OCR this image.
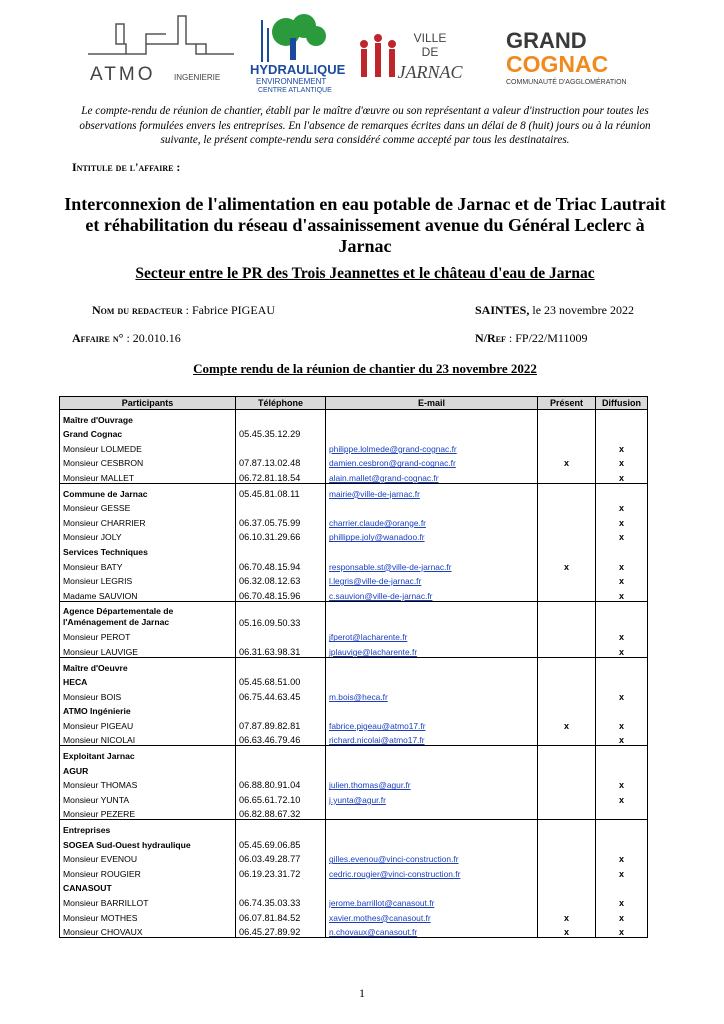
ATMO INGENIERIE
HYDRAULIQUE
ENVIRONNEMENT
CENTRE ATLANTIQUE
VILLE
DE
JARNAC
GRAND
COGNAC
COMMUNAUTÉ D'AGGLOMÉRATION
Le compte-rendu de réunion de chantier, établi par le maître d'œuvre ou son représentant a valeur d'instruction pour toutes les observations formulées envers les entreprises. En l'absence de remarques écrites dans un délai de 8 (huit) jours ou à la réunion suivante, le présent compte-rendu sera considéré comme accepté par tous les destinataires.
Intitule de l'affaire :
Interconnexion de l'alimentation en eau potable de Jarnac et de Triac Lautrait et réhabilitation du réseau d'assainissement avenue du Général Leclerc à Jarnac
Secteur entre le PR des Trois Jeannettes et le château d'eau de Jarnac
Nom du redacteur : Fabrice PIGEAU	SAINTES, le 23 novembre 2022
Affaire n° : 20.010.16	N/Ref : FP/22/M11009
Compte rendu de la réunion de chantier du 23 novembre 2022
Participants	Téléphone	E-mail	Présent	Diffusion
Maître d'Ouvrage				
Grand Cognac	05.45.35.12.29			
Monsieur LOLMEDE		philippe.lolmede@grand-cognac.fr		x
Monsieur CESBRON	07.87.13.02.48	damien.cesbron@grand-cognac.fr	x	x
Monsieur MALLET	06.72.81.18.54	alain.mallet@grand-cognac.fr		x
Commune de Jarnac	05.45.81.08.11	mairie@ville-de-jarnac.fr		
Monsieur GESSE				x
Monsieur CHARRIER	06.37.05.75.99	charrier.claude@orange.fr		x
Monsieur JOLY	06.10.31.29.66	phillippe.joly@wanadoo.fr		x
Services Techniques				
Monsieur BATY	06.70.48.15.94	responsable.st@ville-de-jarnac.fr	x	x
Monsieur LEGRIS	06.32.08.12.63	l.legris@ville-de-jarnac.fr		x
Madame SAUVION	06.70.48.15.96	c.sauvion@ville-de-jarnac.fr		x
Agence Départementale de l'Aménagement de Jarnac	05.16.09.50.33			
Monsieur PEROT		jfperot@lacharente.fr		x
Monsieur LAUVIGE	06.31.63.98.31	jplauvige@lacharente.fr		x
Maître d'Oeuvre				
HECA	05.45.68.51.00			
Monsieur BOIS	06.75.44.63.45	m.bois@heca.fr		x
ATMO Ingénierie				
Monsieur PIGEAU	07.87.89.82.81	fabrice.pigeau@atmo17.fr	x	x
Monsieur NICOLAI	06.63.46.79.46	richard.nicolai@atmo17.fr		x
Exploitant Jarnac				
AGUR				
Monsieur THOMAS	06.88.80.91.04	julien.thomas@agur.fr		x
Monsieur YUNTA	06.65.61.72.10	j.yunta@agur.fr		x
Monsieur PEZERE	06.82.88.67.32			
Entreprises				
SOGEA Sud-Ouest hydraulique	05.45.69.06.85			
Monsieur EVENOU	06.03.49.28.77	gilles.evenou@vinci-construction.fr		x
Monsieur ROUGIER	06.19.23.31.72	cedric.rougier@vinci-construction.fr		x
CANASOUT				
Monsieur BARRILLOT	06.74.35.03.33	jerome.barrillot@canasout.fr		x
Monsieur MOTHES	06.07.81.84.52	xavier.mothes@canasout.fr	x	x
Monsieur CHOVAUX	06.45.27.89.92	n.chovaux@canasout.fr	x	x
1
